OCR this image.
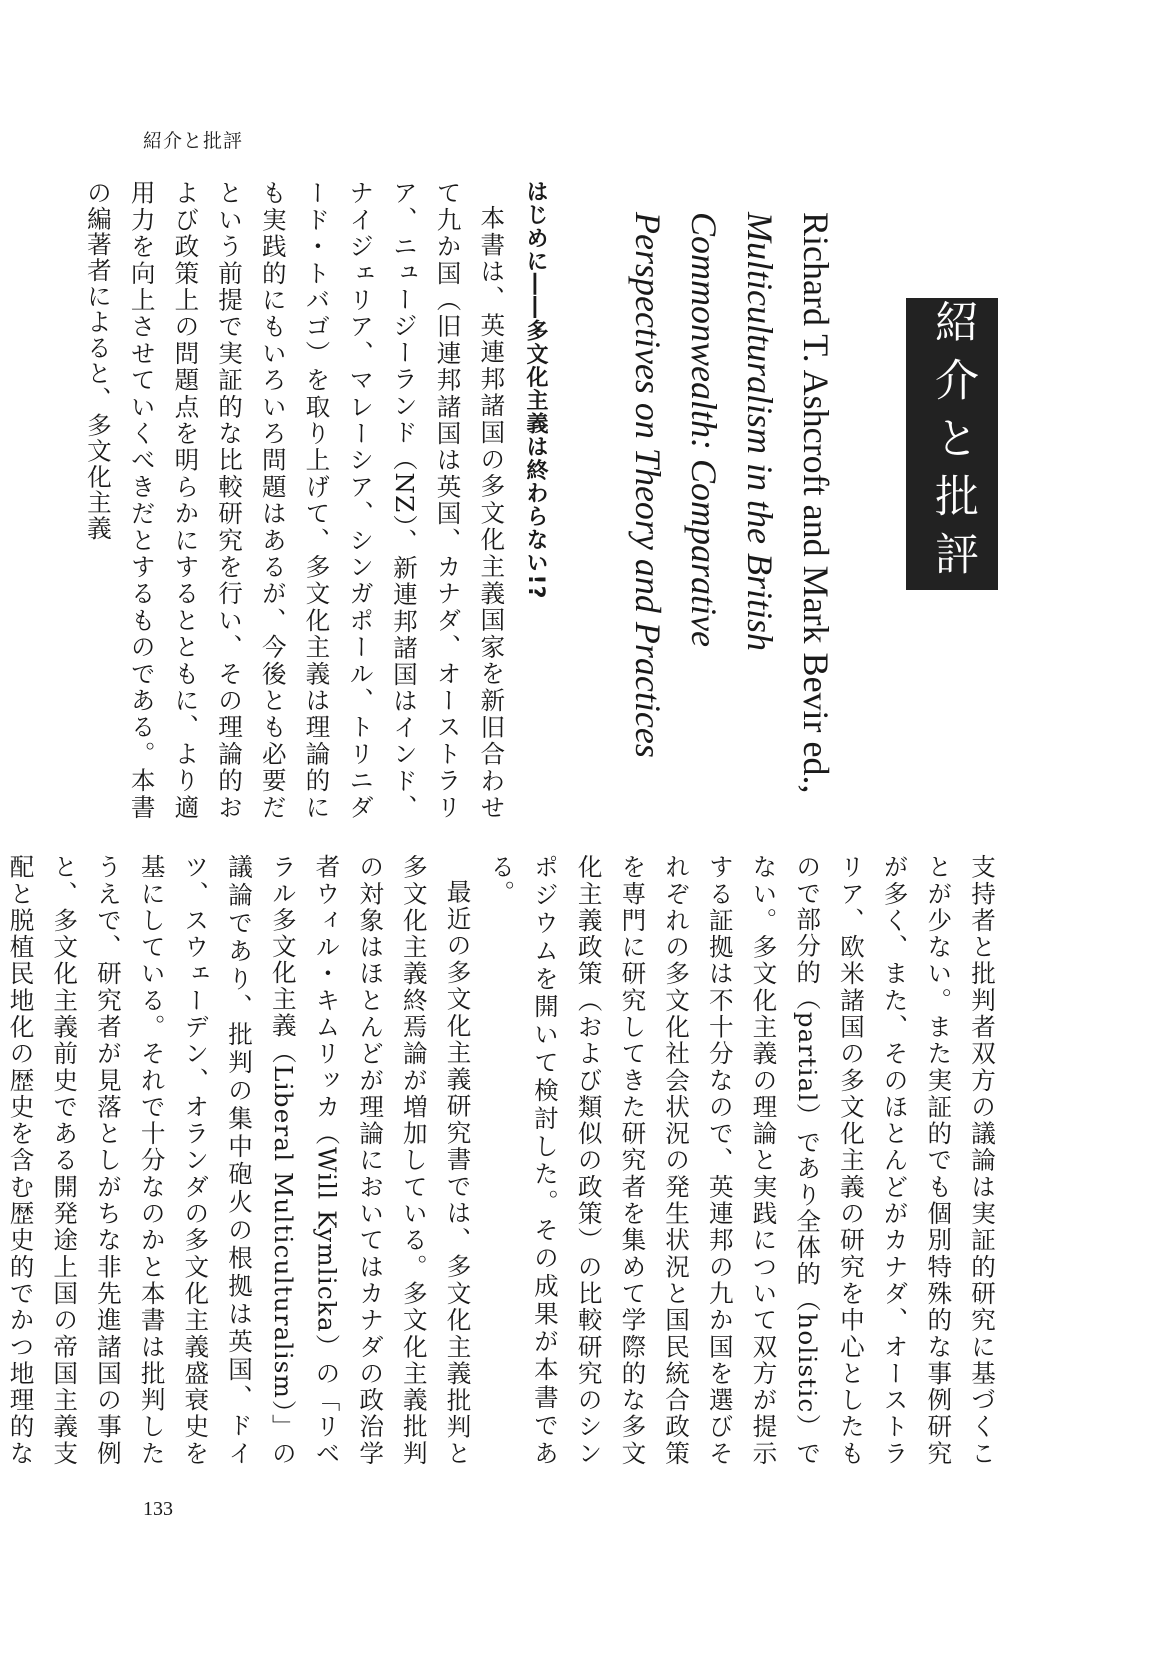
紹介と批評
紹介と批評
Richard T. Ashcroft and Mark Bevir ed.,
Multiculturalism in the British Commonwealth: Comparative Perspectives on Theory and Practices
はじめに――多文化主義は終わらない!?
本書は、英連邦諸国の多文化主義国家を新旧合わせて九か国（旧連邦諸国は英国、カナダ、オーストラリア、ニュージーランド（NZ）、新連邦諸国はインド、ナイジェリア、マレーシア、シンガポール、トリニダード・トバゴ）を取り上げて、多文化主義は理論的にも実践的にもいろいろ問題はあるが、今後とも必要だという前提で実証的な比較研究を行い、その理論的および政策上の問題点を明らかにするとともに、より適用力を向上させていくべきだとするものである。本書の編著者によると、多文化主義
支持者と批判者双方の議論は実証的研究に基づくことが少ない。また実証的でも個別特殊的な事例研究が多く、また、そのほとんどがカナダ、オーストラリア、欧米諸国の多文化主義の研究を中心としたもので部分的（partial）であり全体的（holistic）でない。多文化主義の理論と実践について双方が提示する証拠は不十分なので、英連邦の九か国を選びそれぞれの多文化社会状況の発生状況と国民統合政策を専門に研究してきた研究者を集めて学際的な多文化主義政策（および類似の政策）の比較研究のシンポジウムを開いて検討した。その成果が本書である。
最近の多文化主義研究書では、多文化主義批判と多文化主義終焉論が増加している。多文化主義批判の対象はほとんどが理論においてはカナダの政治学者ウィル・キムリッカ（Will Kymlicka）の「リベラル多文化主義（Liberal Multiculturalism）」の議論であり、批判の集中砲火の根拠は英国、ドイツ、スウェーデン、オランダの多文化主義盛衰史を基にしている。それで十分なのかと本書は批判したうえで、研究者が見落としがちな非先進諸国の事例と、多文化主義前史である開発途上国の帝国主義支配と脱植民地化の歴史を含む歴史的でかつ地理的な
133
